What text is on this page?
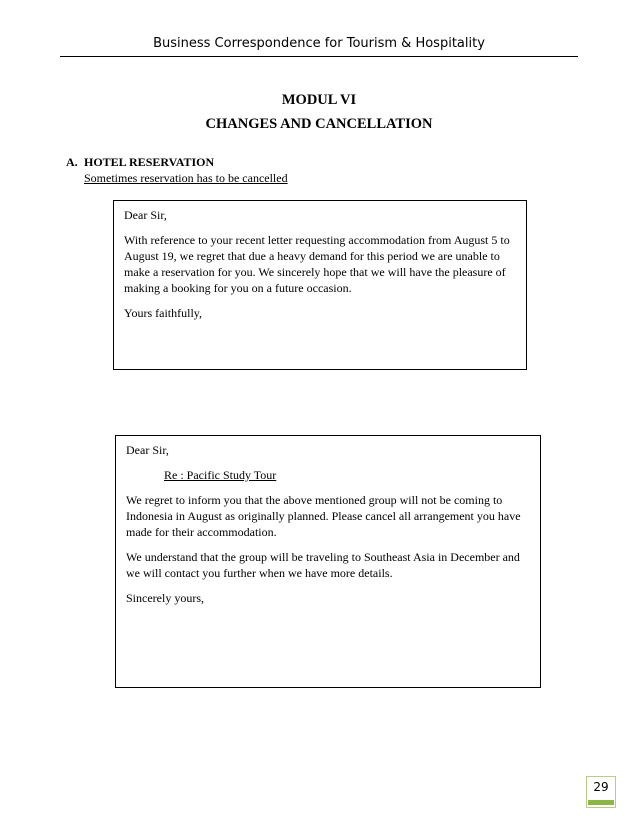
Business Correspondence for Tourism & Hospitality
MODUL VI
CHANGES AND CANCELLATION
A. HOTEL RESERVATION
Sometimes reservation has to be cancelled

Dear Sir,

With reference to your recent letter requesting accommodation from August 5 to August 19, we regret that due a heavy demand for this period we are unable to make a reservation for you. We sincerely hope that we will have the pleasure of making a booking for you on a future occasion.

Yours faithfully,

Dear Sir,

Re : Pacific Study Tour

We regret to inform you that the above mentioned group will not be coming to Indonesia in August as originally planned. Please cancel all arrangement you have made for their accommodation.

We understand that the group will be traveling to Southeast Asia in December and we will contact you further when we have more details.

Sincerely yours,

29
